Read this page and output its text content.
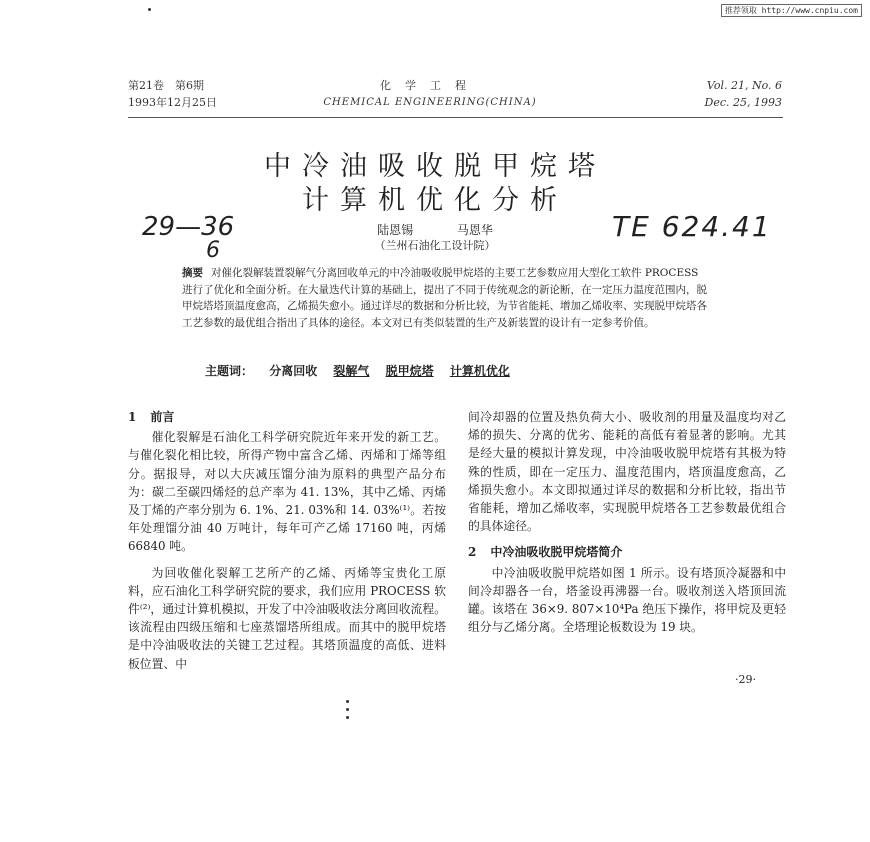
推荐领取 http://www.cnpiu.com
第21卷　第6期
1993年12月25日
化学工程
CHEMICAL ENGINEERING(CHINA)
Vol. 21, No. 6
Dec. 25, 1993
中冷油吸收脱甲烷塔
计算机优化分析
29—36
6
TE 624.41
陆恩锡	马恩华
（兰州石油化工设计院）
摘要 对催化裂解装置裂解气分离回收单元的中冷油吸收脱甲烷塔的主要工艺参数应用大型化工软件 PROCESS 进行了优化和全面分析。在大量迭代计算的基础上，提出了不同于传统观念的新论断，在一定压力温度范围内，脱甲烷塔塔顶温度愈高，乙烯损失愈小。通过详尽的数据和分析比较，为节省能耗、增加乙烯收率、实现脱甲烷塔各工艺参数的最优组合指出了具体的途径。本文对已有类似装置的生产及新装置的设计有一定参考价值。
主题词： 分离回收 裂解气 脱甲烷塔 计算机优化
1 前言

催化裂解是石油化工科学研究院近年来开发的新工艺。与催化裂化相比较，所得产物中富含乙烯、丙烯和丁烯等组分。据报导，对以大庆减压馏分油为原料的典型产品分布为：碳二至碳四烯烃的总产率为 41. 13%，其中乙烯、丙烯及丁烯的产率分别为 6. 1%、21. 03%和 14. 03%⁽¹⁾。若按年处理馏分油 40 万吨计，每年可产乙烯 17160 吨，丙烯 66840 吨。

为回收催化裂解工艺所产的乙烯、丙烯等宝贵化工原料，应石油化工科学研究院的要求，我们应用 PROCESS 软件⁽²⁾，通过计算机模拟，开发了中冷油吸收法分离回收流程。该流程由四级压缩和七座蒸馏塔所组成。而其中的脱甲烷塔是中冷油吸收法的关键工艺过程。其塔顶温度的高低、进料板位置、中

间冷却器的位置及热负荷大小、吸收剂的用量及温度均对乙烯的损失、分离的优劣、能耗的高低有着显著的影响。尤其是经大量的模拟计算发现，中冷油吸收脱甲烷塔有其极为特殊的性质，即在一定压力、温度范围内，塔顶温度愈高，乙烯损失愈小。本文即拟通过详尽的数据和分析比较，指出节省能耗，增加乙烯收率，实现脱甲烷塔各工艺参数最优组合的具体途径。

2 中冷油吸收脱甲烷塔简介

中冷油吸收脱甲烷塔如图 1 所示。设有塔顶冷凝器和中间冷却器各一台，塔釜设再沸器一台。吸收剂送入塔顶回流罐。该塔在 36×9. 807×10⁴Pa 绝压下操作，将甲烷及更轻组分与乙烯分离。全塔理论板数设为 19 块。

·29·
